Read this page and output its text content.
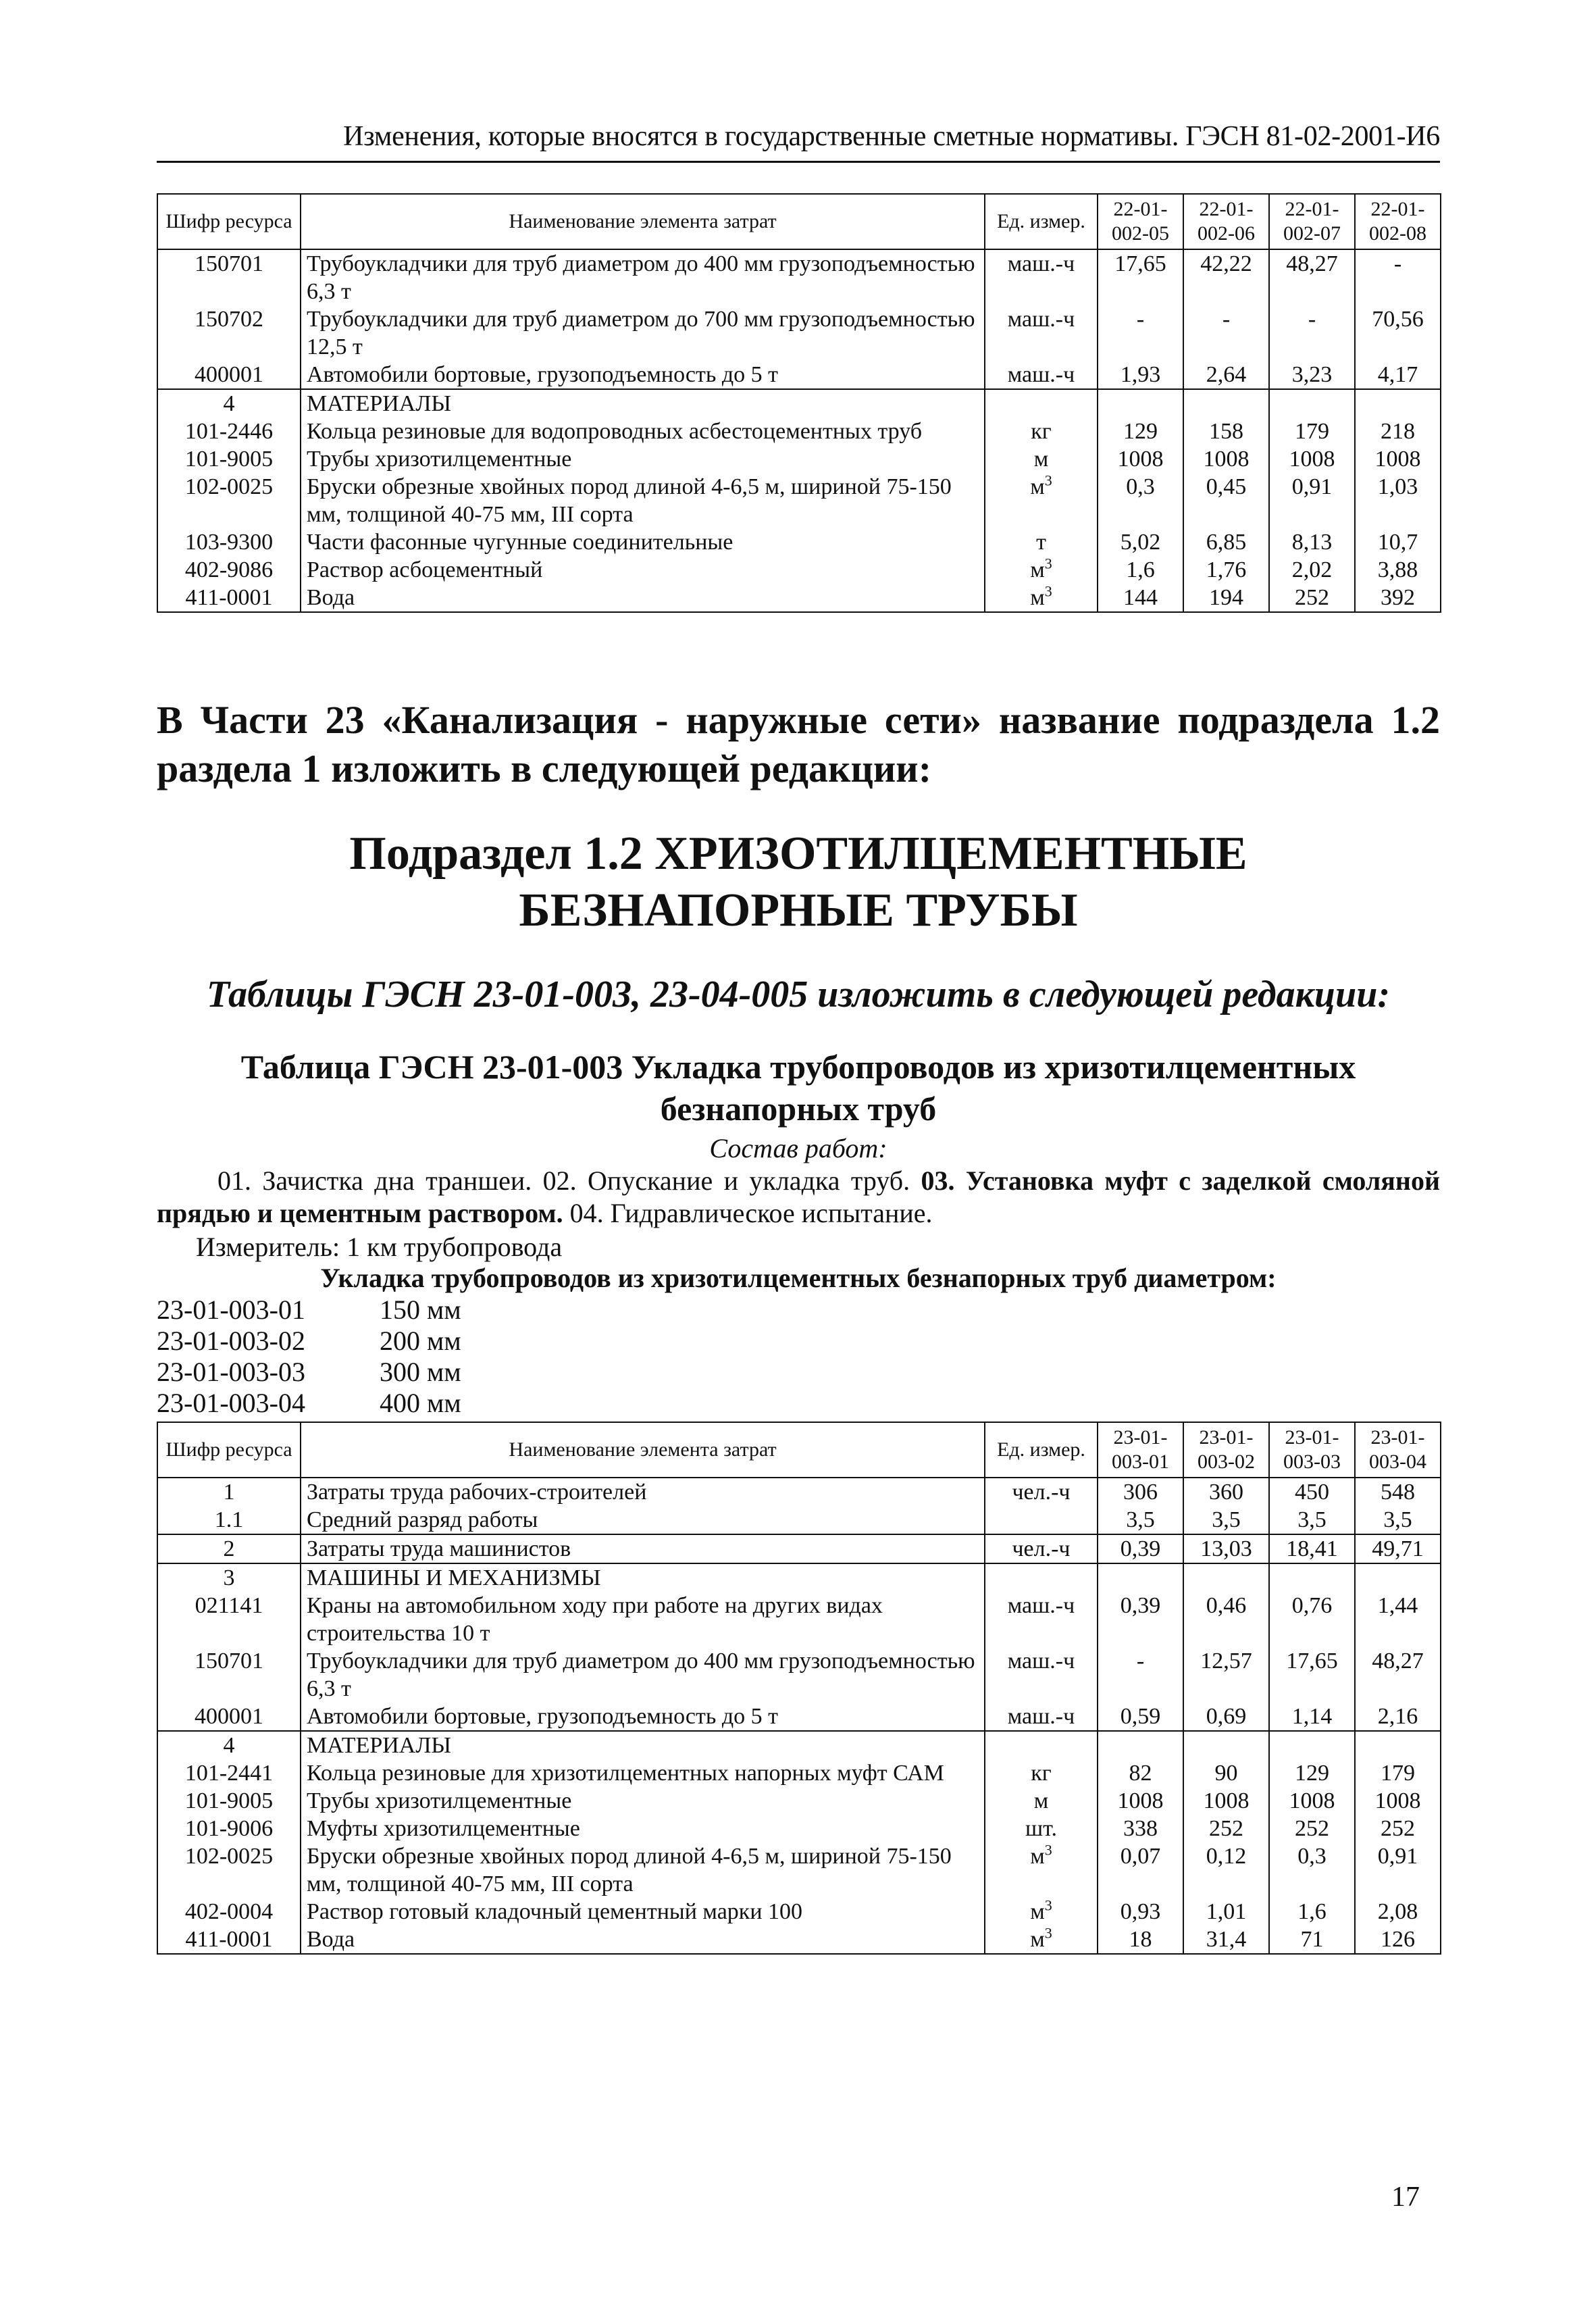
Изменения, которые вносятся в государственные сметные нормативы. ГЭСН 81-02-2001-И6
Шифр ресурса	Наименование элемента затрат	Ед. измер.	22-01-002-05	22-01-002-06	22-01-002-07	22-01-002-08
150701	Трубоукладчики для труб диаметром до 400 мм грузоподъемностью 6,3 т	маш.-ч	17,65	42,22	48,27	-
150702	Трубоукладчики для труб диаметром до 700 мм грузоподъемностью 12,5 т	маш.-ч	-	-	-	70,56
400001	Автомобили бортовые, грузоподъемность до 5 т	маш.-ч	1,93	2,64	3,23	4,17
4	МАТЕРИАЛЫ					
101-2446	Кольца резиновые для водопроводных асбестоцементных труб	кг	129	158	179	218
101-9005	Трубы хризотилцементные	м	1008	1008	1008	1008
102-0025	Бруски обрезные хвойных пород длиной 4-6,5 м, шириной 75-150 мм, толщиной 40-75 мм, III сорта	$м^3$	0,3	0,45	0,91	1,03
103-9300	Части фасонные чугунные соединительные	т	5,02	6,85	8,13	10,7
402-9086	Раствор асбоцементный	$м^3$	1,6	1,76	2,02	3,88
411-0001	Вода	$м^3$	144	194	252	392
В Части 23 «Канализация - наружные сети» название подраздела 1.2 раздела 1 изложить в следующей редакции:
Подраздел 1.2 ХРИЗОТИЛЦЕМЕНТНЫЕ БЕЗНАПОРНЫЕ ТРУБЫ
Таблицы ГЭСН 23-01-003, 23-04-005 изложить в следующей редакции:
Таблица ГЭСН 23-01-003 Укладка трубопроводов из хризотилцементных безнапорных труб
Состав работ:
01. Зачистка дна траншеи. 02. Опускание и укладка труб. 03. Установка муфт с заделкой смоляной прядью и цементным раствором. 04. Гидравлическое испытание.
Измеритель: 1 км трубопровода
Укладка трубопроводов из хризотилцементных безнапорных труб диаметром:
23-01-003-01	150 мм
23-01-003-02	200 мм
23-01-003-03	300 мм
23-01-003-04	400 мм
Шифр ресурса	Наименование элемента затрат	Ед. измер.	23-01-003-01	23-01-003-02	23-01-003-03	23-01-003-04
1	Затраты труда рабочих-строителей	чел.-ч	306	360	450	548
1.1	Средний разряд работы		3,5	3,5	3,5	3,5
2	Затраты труда машинистов	чел.-ч	0,39	13,03	18,41	49,71
3	МАШИНЫ И МЕХАНИЗМЫ					
021141	Краны на автомобильном ходу при работе на других видах строительства 10 т	маш.-ч	0,39	0,46	0,76	1,44
150701	Трубоукладчики для труб диаметром до 400 мм грузоподъемностью 6,3 т	маш.-ч	-	12,57	17,65	48,27
400001	Автомобили бортовые, грузоподъемность до 5 т	маш.-ч	0,59	0,69	1,14	2,16
4	МАТЕРИАЛЫ					
101-2441	Кольца резиновые для хризотилцементных напорных муфт САМ	кг	82	90	129	179
101-9005	Трубы хризотилцементные	м	1008	1008	1008	1008
101-9006	Муфты хризотилцементные	шт.	338	252	252	252
102-0025	Бруски обрезные хвойных пород длиной 4-6,5 м, шириной 75-150 мм, толщиной 40-75 мм, III сорта	$м^3$	0,07	0,12	0,3	0,91
402-0004	Раствор готовый кладочный цементный марки 100	$м^3$	0,93	1,01	1,6	2,08
411-0001	Вода	$м^3$	18	31,4	71	126
17
